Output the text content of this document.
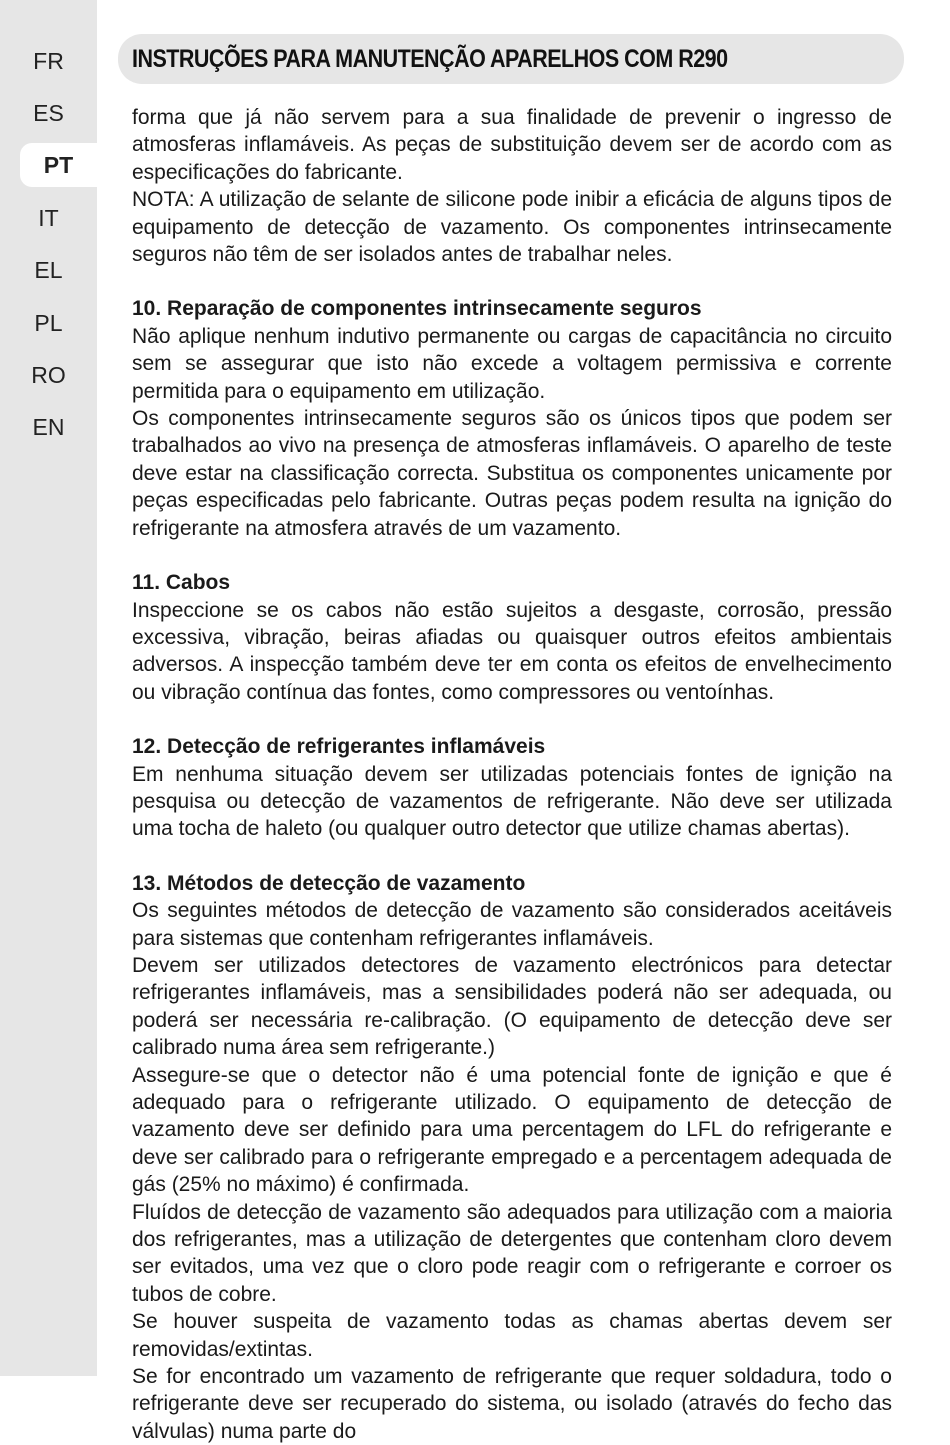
FR
ES
PT
IT
EL
PL
RO
EN
INSTRUÇÕES PARA MANUTENÇÃO APARELHOS COM R290

forma que já não servem para a sua finalidade de prevenir o ingresso de atmosferas inflamáveis. As peças de substituição devem ser de acordo com as especificações do fabricante.

NOTA: A utilização de selante de silicone pode inibir a eficácia de alguns tipos de equipamento de detecção de vazamento. Os componentes intrinsecamente seguros não têm de ser isolados antes de trabalhar neles.

10. Reparação de componentes intrinsecamente seguros

Não aplique nenhum indutivo permanente ou cargas de capacitância no circuito sem se assegurar que isto não excede a voltagem permissiva e corrente permitida para o equipamento em utilização.

Os componentes intrinsecamente seguros são os únicos tipos que podem ser trabalhados ao vivo na presença de atmosferas inflamáveis. O aparelho de teste deve estar na classificação correcta. Substitua os componentes unicamente por peças especificadas pelo fabricante. Outras peças podem resulta na ignição do refrigerante na atmosfera através de um vazamento.

11. Cabos

Inspeccione se os cabos não estão sujeitos a desgaste, corrosão, pressão excessiva, vibração, beiras afiadas ou quaisquer outros efeitos ambientais adversos. A inspecção também deve ter em conta os efeitos de envelhecimento ou vibração contínua das fontes, como compressores ou ventoínhas.

12. Detecção de refrigerantes inflamáveis

Em nenhuma situação devem ser utilizadas potenciais fontes de ignição na pesquisa ou detecção de vazamentos de refrigerante. Não deve ser utilizada uma tocha de haleto (ou qualquer outro detector que utilize chamas abertas).

13. Métodos de detecção de vazamento

Os seguintes métodos de detecção de vazamento são considerados aceitáveis para sistemas que contenham refrigerantes inflamáveis.

Devem ser utilizados detectores de vazamento electrónicos para detectar refrigerantes inflamáveis, mas a sensibilidades poderá não ser adequada, ou poderá ser necessária re-calibração. (O equipamento de detecção deve ser calibrado numa área sem refrigerante.)

Assegure-se que o detector não é uma potencial fonte de ignição e que é adequado para o refrigerante utilizado. O equipamento de detecção de vazamento deve ser definido para uma percentagem do LFL do refrigerante e deve ser calibrado para o refrigerante empregado e a percentagem adequada de gás (25% no máximo) é confirmada.

Fluídos de detecção de vazamento são adequados para utilização com a maioria dos refrigerantes, mas a utilização de detergentes que contenham cloro devem ser evitados, uma vez que o cloro pode reagir com o refrigerante e corroer os tubos de cobre.

Se houver suspeita de vazamento todas as chamas abertas devem ser removidas/extintas.

Se for encontrado um vazamento de refrigerante que requer soldadura, todo o refrigerante deve ser recuperado do sistema, ou isolado (através do fecho das válvulas) numa parte do
